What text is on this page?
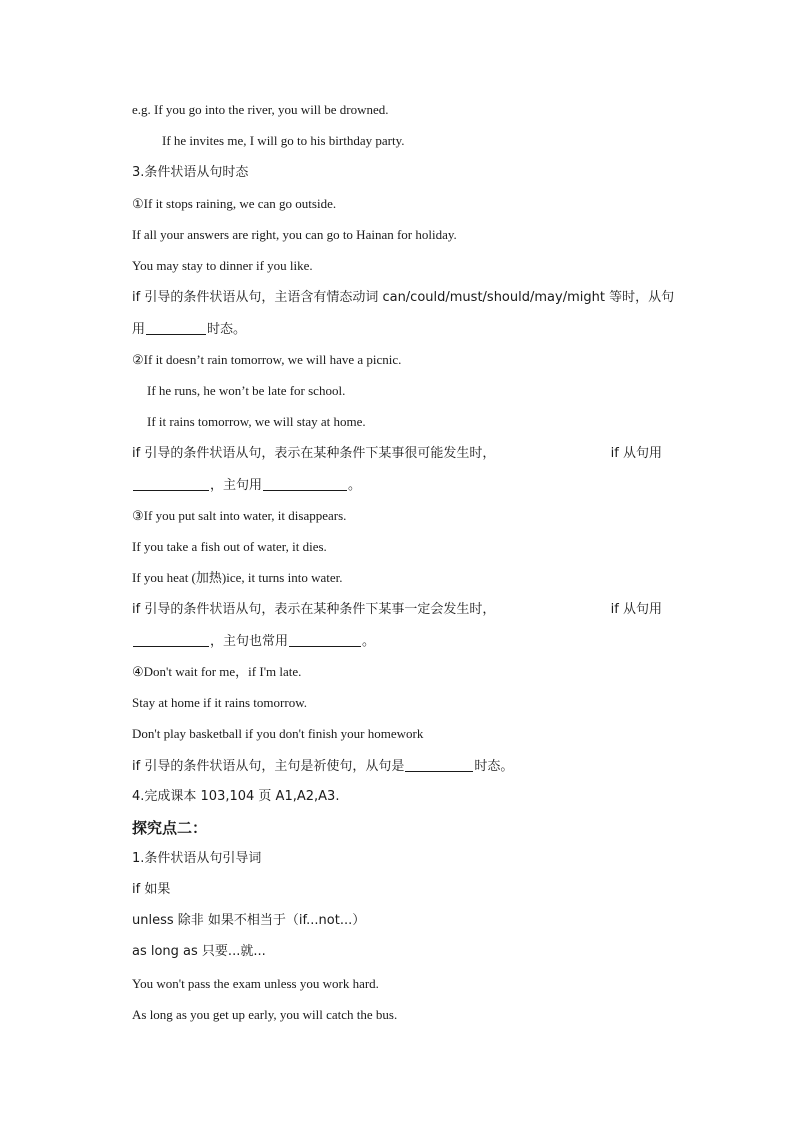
e.g. If you go into the river, you will be drowned.
If he invites me, I will go to his birthday party.
3.条件状语从句时态
①If it stops raining, we can go outside.
If all your answers are right, you can go to Hainan for holiday.
You may stay to dinner if you like.
if 引导的条件状语从句，主语含有情态动词 can/could/must/should/may/might 等时，从句
用	时态。
②If it doesn’t rain tomorrow, we will have a picnic.
If he runs, he won’t be late for school.
If it rains tomorrow, we will stay at home.
if 引导的条件状语从句，表示在某种条件下某事很可能发生时，	if 从句用
，主句用	。
③If you put salt into water, it disappears.
If you take a fish out of water, it dies.
If you heat (加热)ice, it turns into water.
if 引导的条件状语从句，表示在某种条件下某事一定会发生时，	if 从句用
，主句也常用	。
④Don't wait for me，if I'm late.
Stay at home if it rains tomorrow.
Don't play basketball if you don't finish your homework
if 引导的条件状语从句，主句是祈使句，从句是	时态。
4.完成课本 103,104 页 A1,A2,A3.
探究点二：
1.条件状语从句引导词
if 如果
unless 除非 如果不相当于（if...not...）
as long as 只要...就...
You won't pass the exam unless you work hard.
As long as you get up early, you will catch the bus.
